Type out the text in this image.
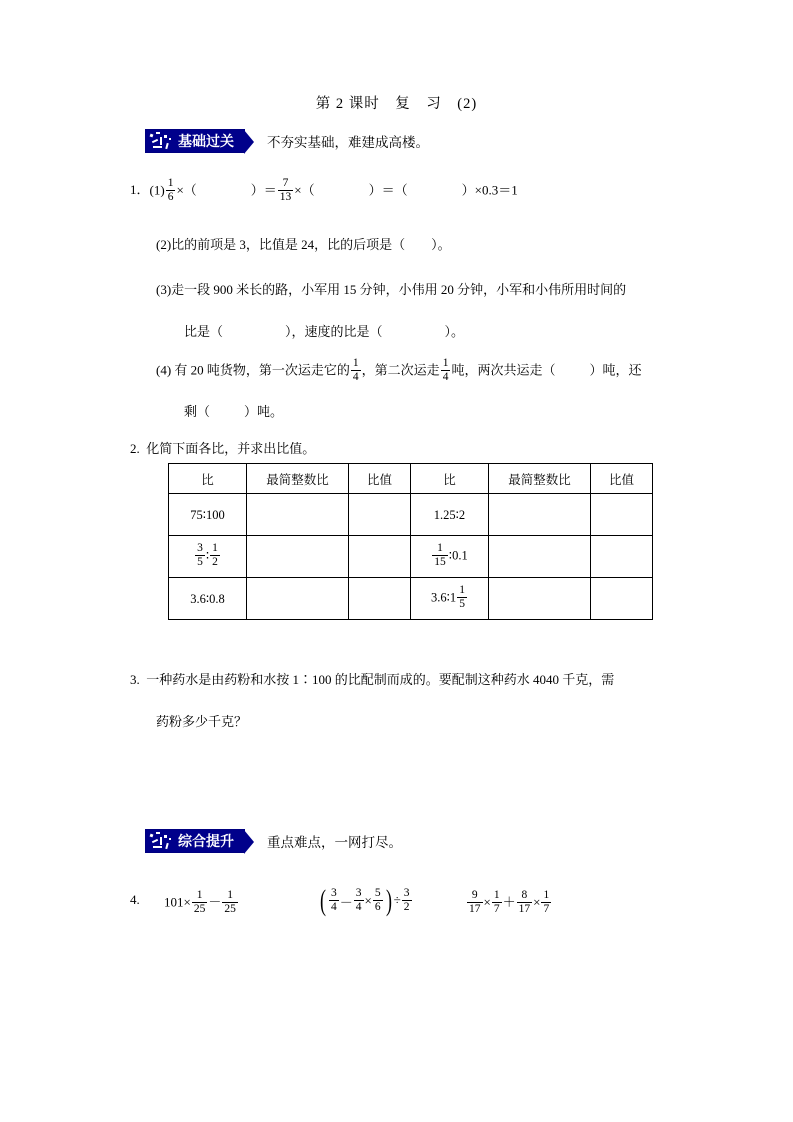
第 2 课时　复　习　(2)
基础过关 不夯实基础，难建成高楼。
1．$(1) \frac{1}{6}$ ×（	）＝ $\frac{7}{13}$ ×（	）＝（	）×0.3＝1
(2)比的前项是 3，比值是 24，比的后项是（　　）。
(3)走一段 900 米长的路，小军用 15 分钟，小伟用 20 分钟，小军和小伟所用时间的
比是（	），速度的比是（	）。
(4) 有 20 吨货物，第一次运走它的 $\frac{1}{4}$ ，第二次运走 $\frac{1}{4}$ 吨，两次共运走（	）吨，还
剩（	）吨。
2. 化简下面各比，并求出比值。
比	最简整数比	比值	比	最简整数比	比值
75∶100			1.25∶2		

$\frac{3}{5}$ ∶ $\frac{1}{2}$			$\frac{1}{15}$ ∶0.1		
3.6∶0.8			3.6∶1 $\frac{1}{5}$

3. 一种药水是由药粉和水按 1∶100 的比配制而成的。要配制这种药水 4040 千克，需
药粉多少千克？
综合提升 重点难点，一网打尽。
4. $101\times \frac{1}{25} - \frac{1}{25}$	( $\frac{3}{4} - \frac{3}{4} \times \frac{5}{6}$ ) ÷ $\frac{3}{2}$	$\frac{9}{17} \times \frac{1}{7} + \frac{8}{17} \times \frac{1}{7}$
